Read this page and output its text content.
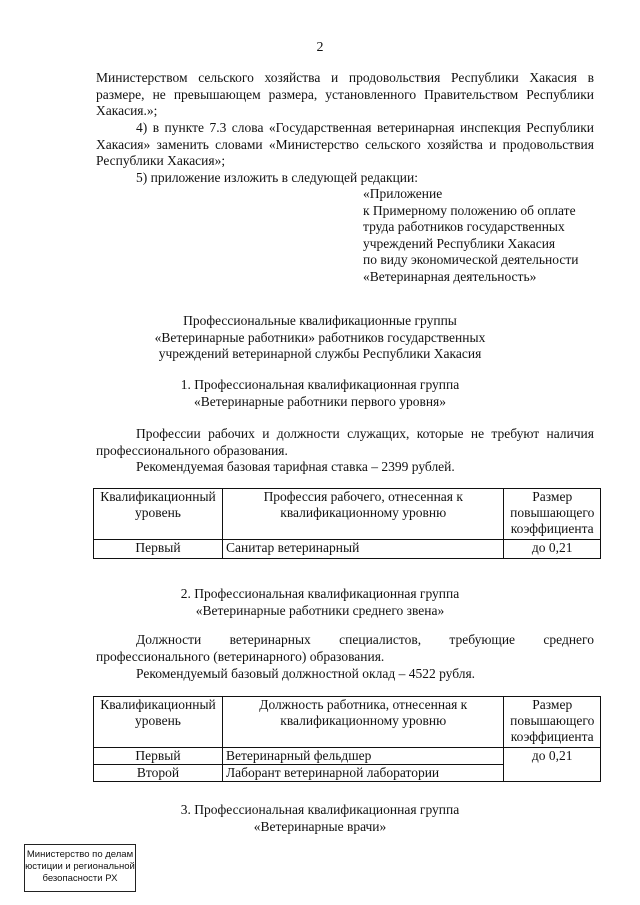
2

Министерством сельского хозяйства и продовольствия Республики Хакасия в размере, не превышающем размера, установленного Правительством Республики Хакасия.»;

4) в пункте 7.3 слова «Государственная ветеринарная инспекция Республики Хакасия» заменить словами «Министерство сельского хозяйства и продовольствия Республики Хакасия»;

5) приложение изложить в следующей редакции:

«Приложение
к Примерному положению об оплате
труда работников государственных
учреждений Республики Хакасия
по виду экономической деятельности
«Ветеринарная деятельность»

Профессиональные квалификационные группы

«Ветеринарные работники» работников государственных

учреждений ветеринарной службы Республики Хакасия

1. Профессиональная квалификационная группа

«Ветеринарные работники первого уровня»

Профессии рабочих и должности служащих, которые не требуют наличия профессионального образования.

Рекомендуемая базовая тарифная ставка – 2399 рублей.

Квалификационный уровень	Профессия рабочего, отнесенная к квалификационному уровню	Размер повышающего коэффициента
Первый	Санитар ветеринарный	до 0,21

2. Профессиональная квалификационная группа

«Ветеринарные работники среднего звена»

Должности ветеринарных специалистов, требующие среднего
профессионального (ветеринарного) образования.

Рекомендуемый базовый должностной оклад – 4522 рубля.

Квалификационный уровень	Должность работника, отнесенная к квалификационному уровню	Размер повышающего коэффициента
Первый	Ветеринарный фельдшер	до 0,21
Второй	Лаборант ветеринарной лаборатории	

3. Профессиональная квалификационная группа

«Ветеринарные врачи»

Министерство по делам
юстиции и региональной
безопасности РХ
